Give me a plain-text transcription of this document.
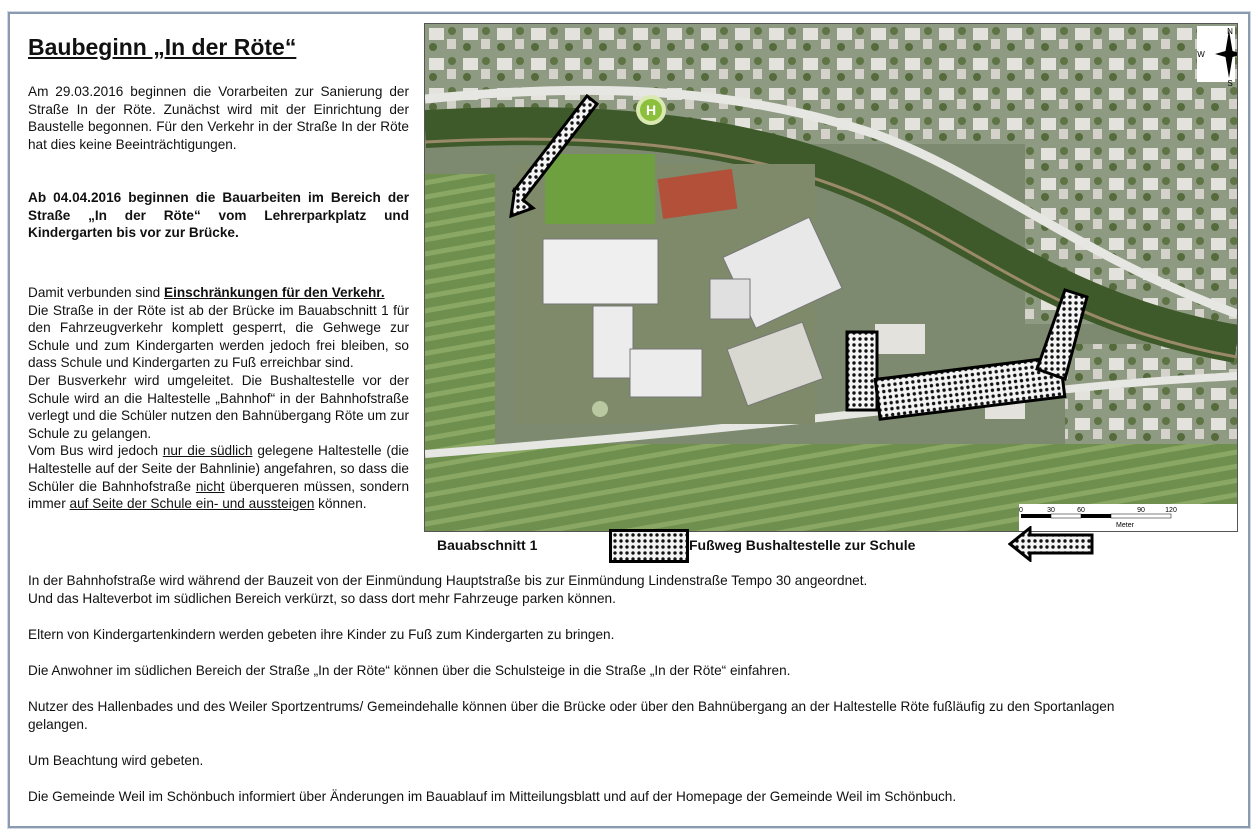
Baubeginn „In der Röte“

Am 29.03.2016 beginnen die Vorarbeiten zur Sanierung der Straße In der Röte. Zunächst wird mit der Einrichtung der Baustelle begonnen. Für den Verkehr in der Straße In der Röte hat dies keine Beeinträchtigungen.

Ab 04.04.2016 beginnen die Bauarbeiten im Bereich der Straße „In der Röte“ vom Lehrerparkplatz und Kindergarten bis vor zur Brücke.

Damit verbunden sind Einschränkungen für den Verkehr.

Die Straße in der Röte ist ab der Brücke im Bauabschnitt 1 für den Fahrzeugverkehr komplett gesperrt, die Gehwege zur Schule und zum Kindergarten werden jedoch frei bleiben, so dass Schule und Kindergarten zu Fuß erreichbar sind.

Der Busverkehr wird umgeleitet. Die Bushaltestelle vor der Schule wird an die Haltestelle „Bahnhof“ in der Bahnhofstraße verlegt und die Schüler nutzen den Bahnübergang Röte um zur Schule zu gelangen.

Vom Bus wird jedoch nur die südlich gelegene Haltestelle (die Haltestelle auf der Seite der Bahnlinie) angefahren, so dass die Schüler die Bahnhofstraße nicht überqueren müssen, sondern immer auf Seite der Schule ein- und aussteigen können.

H
N
S
W
0	30	60	90	120
Meter
Bauabschnitt 1	Fußweg Bushaltestelle zur Schule
In der Bahnhofstraße wird während der Bauzeit von der Einmündung Hauptstraße bis zur Einmündung Lindenstraße Tempo 30 angeordnet.
Und das Halteverbot im südlichen Bereich verkürzt, so dass dort mehr Fahrzeuge parken können.
Eltern von Kindergartenkindern werden gebeten ihre Kinder zu Fuß zum Kindergarten zu bringen.
Die Anwohner im südlichen Bereich der Straße „In der Röte“ können über die Schulsteige in die Straße „In der Röte“ einfahren.
Nutzer des Hallenbades und des Weiler Sportzentrums/ Gemeindehalle können über die Brücke oder über den Bahnübergang an der Haltestelle Röte fußläufig zu den Sportanlagen gelangen.
Um Beachtung wird gebeten.
Die Gemeinde Weil im Schönbuch informiert über Änderungen im Bauablauf im Mitteilungsblatt und auf der Homepage der Gemeinde Weil im Schönbuch.
